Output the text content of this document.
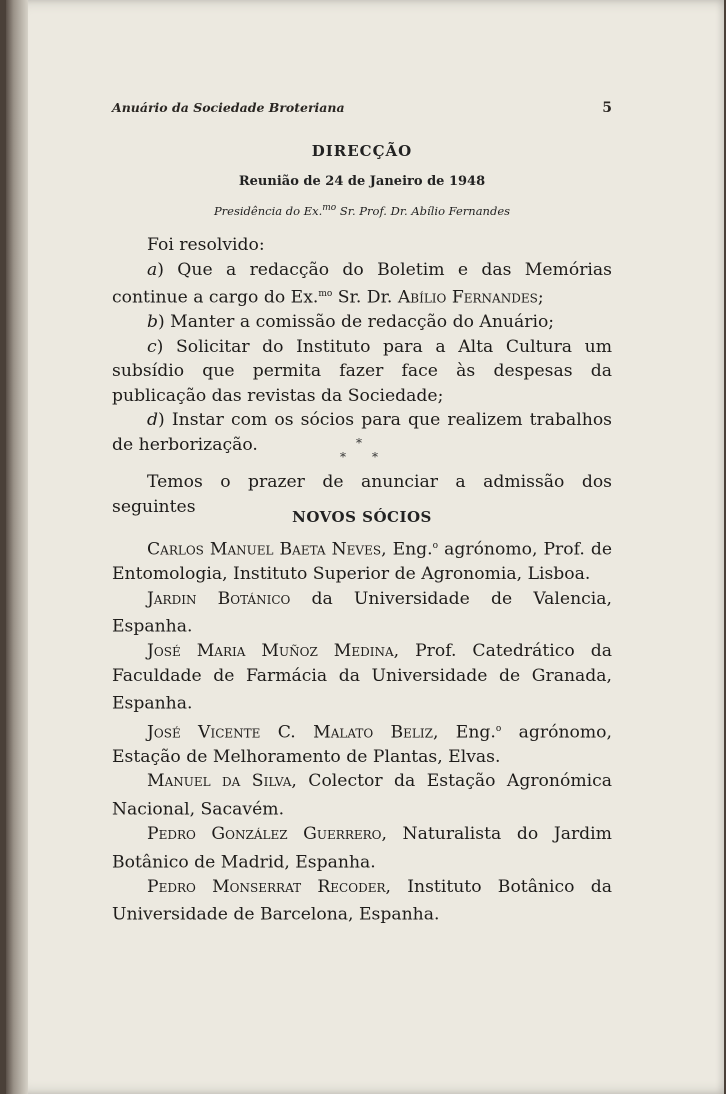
Anuário da Sociedade Broteriana	5
DIRECÇÃO
Reunião de 24 de Janeiro de 1948
Presidência do Ex.$^{mo}$ Sr. Prof. Dr. Abílio Fernandes

Foi resolvido:

a) Que a redacção do Boletim e das Memórias continue a cargo do Ex.$^{mo}$ Sr. Dr. Abílio Fernandes;

b) Manter a comissão de redacção do Anuário;

c) Solicitar do Instituto para a Alta Cultura um subsídio que permita fazer face às despesas da publicação das revistas da Sociedade;

d) Instar com os sócios para que realizem trabalhos de herborização.	*
* *

Temos o prazer de anunciar a admissão dos seguintes

NOVOS SÓCIOS

Carlos Manuel Baeta Neves, Eng.$^o$ agrónomo, Prof. de Entomologia, Instituto Superior de Agronomia, Lisboa.

Jardin Botánico da Universidade de Valencia, Espanha.

José Maria Muñoz Medina, Prof. Catedrático da Faculdade de Farmácia da Universidade de Granada, Espanha.

José Vicente C. Malato Beliz, Eng.$^o$ agrónomo, Estação de Melhoramento de Plantas, Elvas.

Manuel da Silva, Colector da Estação Agronómica Nacional, Sacavém.

Pedro González Guerrero, Naturalista do Jardim Botânico de Madrid, Espanha.

Pedro Monserrat Recoder, Instituto Botânico da Universidade de Barcelona, Espanha.
